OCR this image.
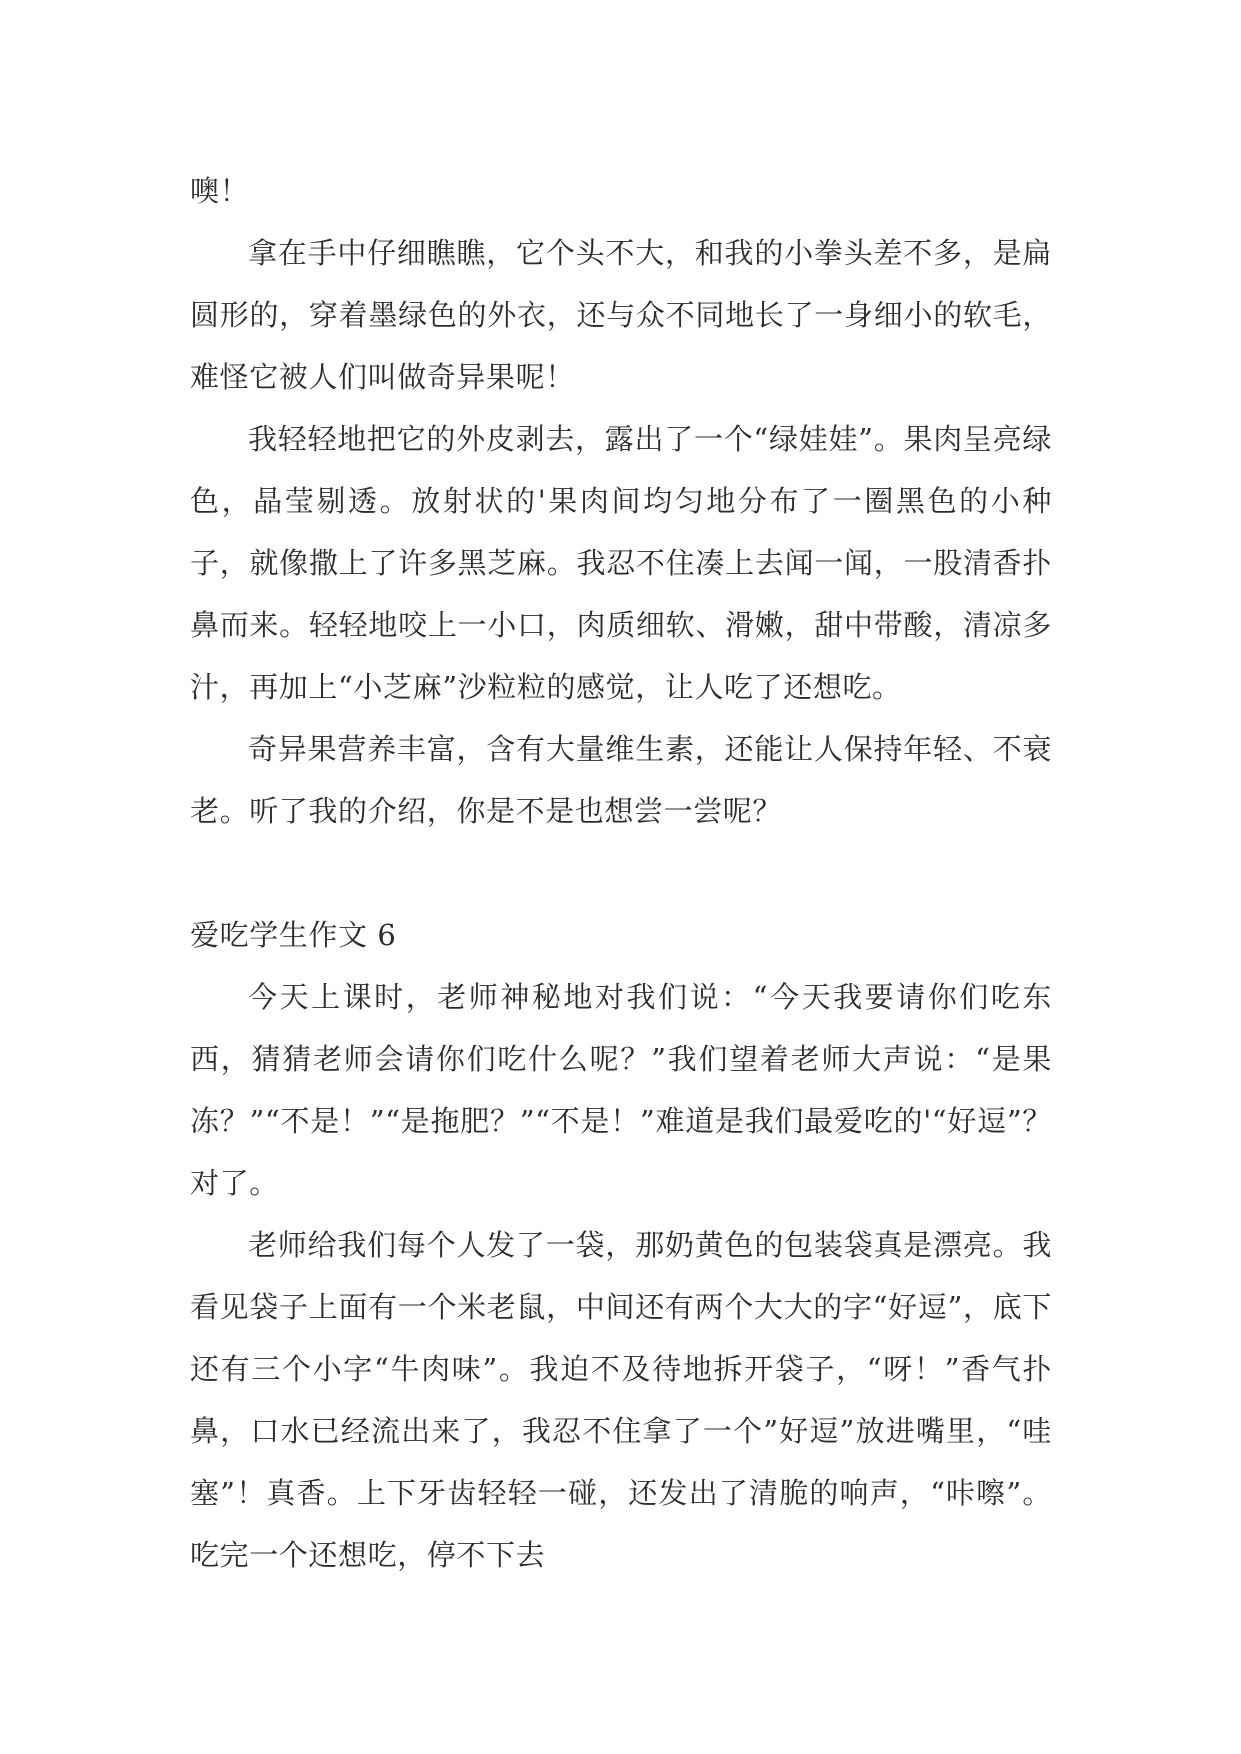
噢！

拿在手中仔细瞧瞧，它个头不大，和我的小拳头差不多，是扁圆形的，穿着墨绿色的外衣，还与众不同地长了一身细小的软毛，难怪它被人们叫做奇异果呢！

我轻轻地把它的外皮剥去，露出了一个“绿娃娃”。果肉呈亮绿色，晶莹剔透。放射状的'果肉间均匀地分布了一圈黑色的小种子，就像撒上了许多黑芝麻。我忍不住凑上去闻一闻，一股清香扑鼻而来。轻轻地咬上一小口，肉质细软、滑嫩，甜中带酸，清凉多汁，再加上“小芝麻”沙粒粒的感觉，让人吃了还想吃。

奇异果营养丰富，含有大量维生素，还能让人保持年轻、不衰老。听了我的介绍，你是不是也想尝一尝呢？

爱吃学生作文 6

今天上课时，老师神秘地对我们说：“今天我要请你们吃东西，猜猜老师会请你们吃什么呢？”我们望着老师大声说：“是果冻？”“不是！”“是拖肥？”“不是！”难道是我们最爱吃的'“好逗”？对了。

老师给我们每个人发了一袋，那奶黄色的包装袋真是漂亮。我看见袋子上面有一个米老鼠，中间还有两个大大的字“好逗”，底下还有三个小字“牛肉味”。我迫不及待地拆开袋子，“呀！”香气扑鼻，口水已经流出来了，我忍不住拿了一个”好逗”放进嘴里，“哇塞”！真香。上下牙齿轻轻一碰，还发出了清脆的响声，“咔嚓”。吃完一个还想吃，停不下去
